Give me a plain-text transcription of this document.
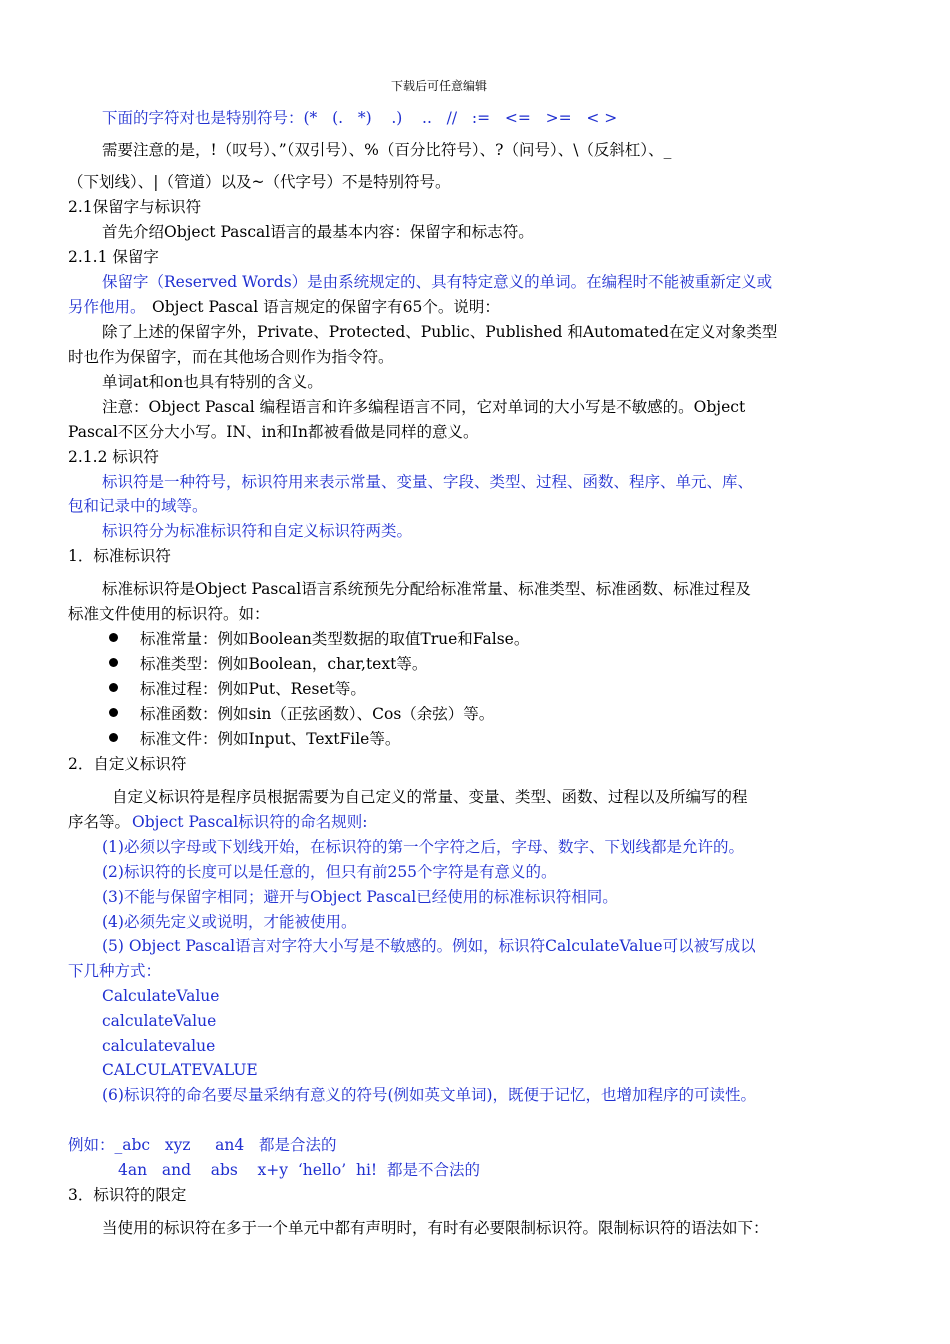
下载后可任意编辑
下面的字符对也是特别符号：(*   (.   *)    .)    ..   //   :=   <=   >=   < >
需要注意的是，!（叹号）、”（双引号）、%（百分比符号）、?（问号）、\（反斜杠）、_
（下划线）、|（管道）以及~（代字号）不是特别符号。
2.1保留字与标识符
首先介绍Object Pascal语言的最基本内容：保留字和标志符。
2.1.1 保留字
保留字（Reserved Words）是由系统规定的、具有特定意义的单词。在编程时不能被重新定义或
另作他用。 Object Pascal 语言规定的保留字有65个。说明：
除了上述的保留字外，Private、Protected、Public、Published 和Automated在定义对象类型
时也作为保留字，而在其他场合则作为指令符。
单词at和on也具有特别的含义。
注意：Object Pascal 编程语言和许多编程语言不同，它对单词的大小写是不敏感的。Object
Pascal不区分大小写。IN、in和In都被看做是同样的意义。
2.1.2 标识符
标识符是一种符号，标识符用来表示常量、变量、字段、类型、过程、函数、程序、单元、库、
包和记录中的域等。
标识符分为标准标识符和自定义标识符两类。
1．标准标识符
标准标识符是Object Pascal语言系统预先分配给标准常量、标准类型、标准函数、标准过程及
标准文件使用的标识符。如：
标准常量：例如Boolean类型数据的取值True和False。
标准类型：例如Boolean，char,text等。
标准过程：例如Put、Reset等。
标准函数：例如sin（正弦函数）、Cos（余弦）等。
标准文件：例如Input、TextFile等。
2．自定义标识符
自定义标识符是程序员根据需要为自己定义的常量、变量、类型、函数、过程以及所编写的程
序名等。 Object Pascal标识符的命名规则:
(1)必须以字母或下划线开始，在标识符的第一个字符之后，字母、数字、下划线都是允许的。
(2)标识符的长度可以是任意的，但只有前255个字符是有意义的。
(3)不能与保留字相同；避开与Object Pascal已经使用的标准标识符相同。
(4)必须先定义或说明，才能被使用。
(5) Object Pascal语言对字符大小写是不敏感的。例如，标识符CalculateValue可以被写成以
下几种方式：
CalculateValue
calculateValue
calculatevalue
CALCULATEVALUE
(6)标识符的命名要尽量采纳有意义的符号(例如英文单词)，既便于记忆，也增加程序的可读性。
例如：_abc   xyz     an4   都是合法的
4an   and    abs    x+y  ‘hello’  hi!  都是不合法的
3．标识符的限定
当使用的标识符在多于一个单元中都有声明时，有时有必要限制标识符。限制标识符的语法如下：
